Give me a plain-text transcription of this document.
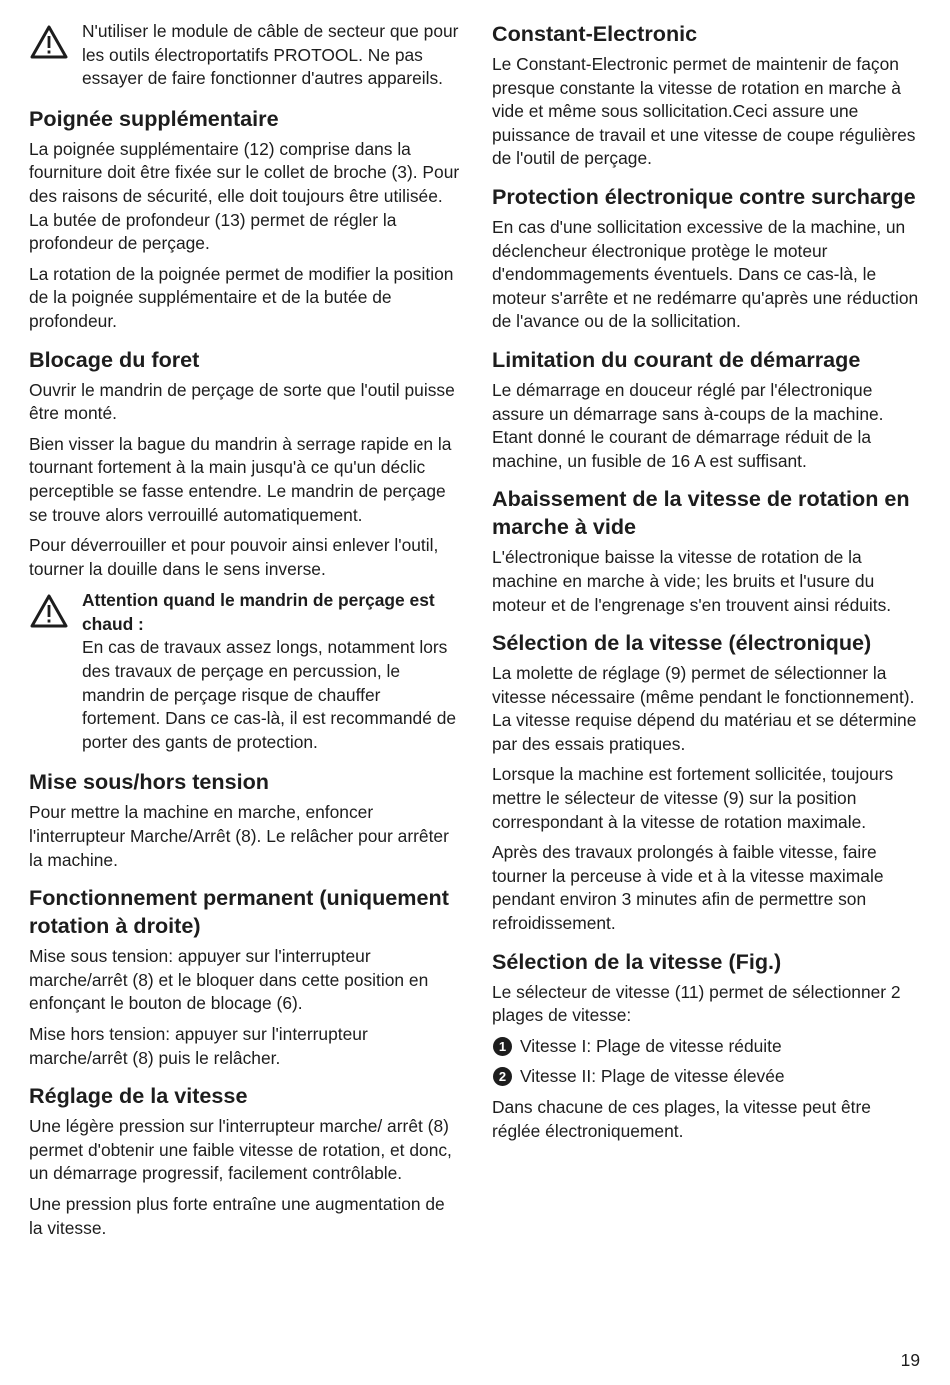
N'utiliser le module de câble de secteur que pour les outils électroportatifs PROTOOL. Ne pas essayer de faire fonctionner d'autres appareils.
Poignée supplémentaire

La poignée supplémentaire (12) comprise dans la fourniture doit être fixée sur le collet de broche (3). Pour des raisons de sécurité, elle doit toujours être utilisée. La butée de profondeur (13) permet de régler la profondeur de perçage.

La rotation de la poignée permet de modifier la position de la poignée supplémentaire et de la butée de profondeur.

Blocage du foret

Ouvrir le mandrin de perçage de sorte que l'outil puisse être monté.

Bien visser la bague du mandrin à serrage rapide en la tournant fortement à la main jusqu'à ce qu'un déclic perceptible se fasse entendre. Le mandrin de perçage se trouve alors verrouillé automatiquement.

Pour déverrouiller et pour pouvoir ainsi enlever l'outil, tourner la douille dans le sens inverse.

Attention quand le mandrin de perçage est chaud :
En cas de travaux assez longs, notamment lors des travaux de perçage en percussion, le mandrin de perçage risque de chauffer fortement. Dans ce cas-là, il est recommandé de porter des gants de protection.
Mise sous/hors tension

Pour mettre la machine en marche, enfoncer l'interrupteur Marche/Arrêt (8). Le relâcher pour arrêter la machine.

Fonctionnement permanent (uniquement rotation à droite)

Mise sous tension: appuyer sur l'interrupteur marche/arrêt (8) et le bloquer dans cette position en enfonçant le bouton de blocage (6).

Mise hors tension: appuyer sur l'interrupteur marche/arrêt (8) puis le relâcher.

Réglage de la vitesse

Une légère pression sur l'interrupteur marche/ arrêt (8) permet d'obtenir une faible vitesse de rotation, et donc, un démarrage progressif, facilement contrôlable.

Une pression plus forte entraîne une augmentation de la vitesse.

Constant-Electronic

Le Constant-Electronic permet de maintenir de façon presque constante la vitesse de rotation en marche à vide et même sous sollicitation.Ceci assure une puissance de travail et une vitesse de coupe régulières de l'outil de perçage.

Protection électronique contre surcharge

En cas d'une sollicitation excessive de la machine, un déclencheur électronique protège le moteur d'endommagements éventuels. Dans ce cas-là, le moteur s'arrête et ne redémarre qu'après une réduction de l'avance ou de la sollicitation.

Limitation du courant de démarrage

Le démarrage en douceur réglé par l'électronique assure un démarrage sans à-coups de la machine. Etant donné le courant de démarrage réduit de la machine, un fusible de 16 A est suffisant.

Abaissement de la vitesse de rotation en marche à vide

L'électronique baisse la vitesse de rotation de la machine en marche à vide; les bruits et l'usure du moteur et de l'engrenage s'en trouvent ainsi réduits.

Sélection de la vitesse (électronique)

La molette de réglage (9) permet de sélectionner la vitesse nécessaire (même pendant le fonctionnement). La vitesse requise dépend du matériau et se détermine par des essais pratiques.

Lorsque la machine est fortement sollicitée, toujours mettre le sélecteur de vitesse (9) sur la position correspondant à la vitesse de rotation maximale.

Après des travaux prolongés à faible vitesse, faire tourner la perceuse à vide et à la vitesse maximale pendant environ 3 minutes afin de permettre son refroidissement.

Sélection de la vitesse (Fig.)

Le sélecteur de vitesse (11) permet de sélectionner 2 plages de vitesse:

1 Vitesse I: Plage de vitesse réduite
2 Vitesse II: Plage de vitesse élevée

Dans chacune de ces plages, la vitesse peut être réglée électroniquement.

19
